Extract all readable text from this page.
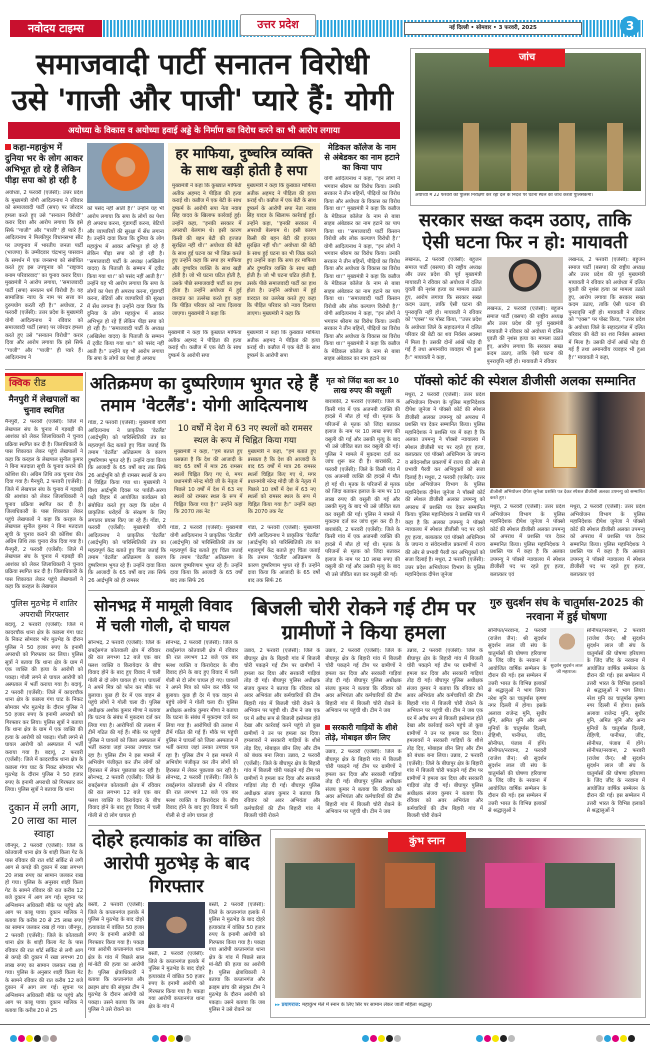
नवोदय टाइम्स	उत्तर प्रदेश	नई दिल्ली • सोमवार • 3 फरवरी, 2025	3
समाजवादी पार्टी सनातन विरोधी
उसे 'गाजी और पाजी' प्यारे हैं: योगी
अयोध्या के विकास व अयोध्या हवाई अड्डे के निर्माण का विरोध करने का भी आरोप लगाया
कहा-महाकुंभ में दुनिया भर के लोग आकर अभिभूत हो रहे हैं लेकिन पीड़ा सपा को हो रही है
अयोध्या, 2 फरवरी (एजेंसी): उत्तर प्रदेश के मुख्यमंत्री योगी आदित्यनाथ ने रविवार को समाजवादी पार्टी (सपा) पर जोरदार हमला करते हुए उसे ''सनातन विरोधी'' करार दिया और आरोप लगाया कि इसे सिर्फ ''गाजी'' और ''पाजी'' ही प्यारे हैं। आदित्यनाथ ने मिल्कीपुर विधानसभा सीट पर उपचुनाव में भारतीय जनता पार्टी (भाजपा) के उम्मीदवार चंद्रभानु पासवान के समर्थन में एक जनसभा को संबोधित करते हुए इस उपचुनाव को ''राष्ट्रवाद बनाम परिवारवाद'' का चुनाव करार दिया। मुख्यमंत्री ने आरोप लगाया, ''समाजवादी पार्टी (सपा) सनातन धर्म विरोधी है। यह सामाजिक न्याय के नाम पर सत्ता का दुरुपयोग करती रही है।'' अयोध्या, 2 फरवरी (एजेंसी): उत्तर प्रदेश के मुख्यमंत्री योगी आदित्यनाथ ने रविवार को समाजवादी पार्टी (सपा) पर जोरदार हमला करते हुए उसे ''सनातन विरोधी'' करार दिया और आरोप लगाया कि इसे सिर्फ ''गाजी'' और ''पाजी'' ही प्यारे हैं। आदित्यनाथ ने
को पसंद नहीं आती है।'' उन्होंने यह भी आरोप लगाया कि सपा के लोगों का पेशा ही अपराध करना, गुंडागर्दी करना, बेटियों और व्यापारियों की सुरक्षा में सेंध लगाना है। उन्होंने दावा किया कि दुनिया के लोग महाकुंभ में आकर अभिभूत हो रहे हैं लेकिन पीड़ा सपा को हो रही है। ''समाजवादी पार्टी के अध्यक्ष (अखिलेश यादव) के पिताजी के सम्मान में ट्वीट किया गया था।'' को पसंद नहीं आती है।'' उन्होंने यह भी आरोप लगाया कि सपा के लोगों का पेशा ही अपराध करना, गुंडागर्दी करना, बेटियों और व्यापारियों की सुरक्षा में सेंध लगाना है। उन्होंने दावा किया कि दुनिया के लोग महाकुंभ में आकर अभिभूत हो रहे हैं लेकिन पीड़ा सपा को हो रही है। ''समाजवादी पार्टी के अध्यक्ष (अखिलेश यादव) के पिताजी के सम्मान में ट्वीट किया गया था।'' को पसंद नहीं आती है।'' उन्होंने यह भी आरोप लगाया कि सपा के लोगों का पेशा ही अपराध
हर माफिया, दुष्चरित्र व्यक्ति के साथ खड़ी होती है सपा
मुख्यमंत्री ने कहा कि कुख्यात माफिया अतीक अहमद ने पीड़िता की हत्या कराई थी। कन्नौज में एक बेटी के साथ दुष्कर्म के आरोपी सपा नेता नवाब सिंह यादव के खिलाफ कार्रवाई हुई। उन्होंने कहा, ''इनकी सरकार में अपराधी बेलगाम थे। इसी कारण किसी की बहन बेटी की इज्जत सुरक्षित नहीं थी।'' अयोध्या की बेटी के साथ हुई घटना का भी जिक्र करते हुए उन्होंने कहा कि सपा हर माफिया और दुष्चरित्र व्यक्ति के साथ खड़ी होती है। जो भी घटना घटित होती है, उसके पीछे समाजवादी पार्टी का हाथ होता है। उन्होंने अयोध्या में हुई वारदात का उल्लेख करते हुए कहा कि पीड़ित परिवार को न्याय दिलाया जाएगा। मुख्यमंत्री ने कहा कि
मुख्यमंत्री ने कहा कि कुख्यात माफिया अतीक अहमद ने पीड़िता की हत्या कराई थी। कन्नौज में एक बेटी के साथ दुष्कर्म के आरोपी सपा नेता नवाब सिंह यादव के खिलाफ कार्रवाई हुई। उन्होंने कहा, ''इनकी सरकार में अपराधी बेलगाम थे। इसी कारण किसी की बहन बेटी की इज्जत सुरक्षित नहीं थी।'' अयोध्या की बेटी के साथ हुई घटना का भी जिक्र करते हुए उन्होंने कहा कि सपा हर माफिया और दुष्चरित्र व्यक्ति के साथ खड़ी होती है। जो भी घटना घटित होती है, उसके पीछे समाजवादी पार्टी का हाथ होता है। उन्होंने अयोध्या में हुई वारदात का उल्लेख करते हुए कहा कि पीड़ित परिवार को न्याय दिलाया जाएगा। मुख्यमंत्री ने कहा कि
मुख्यमंत्री ने कहा कि कुख्यात माफिया अतीक अहमद ने पीड़िता की हत्या कराई थी। कन्नौज में एक बेटी के साथ दुष्कर्म के आरोपी सपा
मुख्यमंत्री ने कहा कि कुख्यात माफिया अतीक अहमद ने पीड़िता की हत्या कराई थी। कन्नौज में एक बेटी के साथ दुष्कर्म के आरोपी सपा
मेडिकल कॉलेज के नाम से अंबेडकर का नाम हटाने का किया पाप
योगी आदित्यनाथ ने कहा, ''इन लोगों ने भगवान श्रीराम का विरोध किया। उनकी सरकार ने तीन बहिनों, पीढ़ियों का विरोध किया और अयोध्या के विकास का विरोध किया था।'' मुख्यमंत्री ने कहा कि कन्नौज के मेडिकल कॉलेज के नाम से बाबा साहब अंबेडकर का नाम हटाने का पाप किया था। ''समाजवादी पार्टी किसान विरोधी और लोक कल्याण विरोधी है।'' योगी आदित्यनाथ ने कहा, ''इन लोगों ने भगवान श्रीराम का विरोध किया। उनकी सरकार ने तीन बहिनों, पीढ़ियों का विरोध किया और अयोध्या के विकास का विरोध किया था।'' मुख्यमंत्री ने कहा कि कन्नौज के मेडिकल कॉलेज के नाम से बाबा साहब अंबेडकर का नाम हटाने का पाप किया था। ''समाजवादी पार्टी किसान विरोधी और लोक कल्याण विरोधी है।'' योगी आदित्यनाथ ने कहा, ''इन लोगों ने भगवान श्रीराम का विरोध किया। उनकी सरकार ने तीन बहिनों, पीढ़ियों का विरोध किया और अयोध्या के विकास का विरोध किया था।'' मुख्यमंत्री ने कहा कि कन्नौज के मेडिकल कॉलेज के नाम से बाबा साहब अंबेडकर का नाम हटाने का
जांच
अयोध्या में 22 फरवरी को पुलिस निरीक्षण कर रहा दल के निर्देश पर घटना स्थल की जांच करती पुलिसकर्मी।
सरकार सख्त कदम उठाए, ताकि ऐसी घटना फिर न हो: मायावती
लखनऊ, 2 फरवरी (एजेंसी): बहुजन समाज पार्टी (बसपा) की राष्ट्रीय अध्यक्ष और उत्तर प्रदेश की पूर्व मुख्यमंत्री मायावती ने रविवार को अयोध्या में दलित युवती की नृशंस हत्या का मामला उठाते हुए, आरोप लगाया कि सरकार सख्त कदम उठाए, ताकि ऐसी घटना की पुनरावृत्ति नहीं हो। मायावती ने रविवार को ''एक्स'' पर पोस्ट किया, ''उत्तर प्रदेश के अयोध्या जिले के सहादतगंज में दलित परिवार की बेटी का शव निर्वस्त्र अवस्था में मिला है। उसकी दोनों आंखें फोड़ दी गई हैं तथा अमानवीय व्यवहार भी हुआ है।'' मायावती ने कहा,
लखनऊ, 2 फरवरी (एजेंसी): बहुजन समाज पार्टी (बसपा) की राष्ट्रीय अध्यक्ष और उत्तर प्रदेश की पूर्व मुख्यमंत्री मायावती ने रविवार को अयोध्या में दलित युवती की नृशंस हत्या का मामला उठाते हुए, आरोप लगाया कि सरकार सख्त कदम उठाए, ताकि ऐसी घटना की पुनरावृत्ति नहीं हो। मायावती ने रविवार
लखनऊ, 2 फरवरी (एजेंसी): बहुजन समाज पार्टी (बसपा) की राष्ट्रीय अध्यक्ष और उत्तर प्रदेश की पूर्व मुख्यमंत्री मायावती ने रविवार को अयोध्या में दलित युवती की नृशंस हत्या का मामला उठाते हुए, आरोप लगाया कि सरकार सख्त कदम उठाए, ताकि ऐसी घटना की पुनरावृत्ति नहीं हो। मायावती ने रविवार को ''एक्स'' पर पोस्ट किया, ''उत्तर प्रदेश के अयोध्या जिले के सहादतगंज में दलित परिवार की बेटी का शव निर्वस्त्र अवस्था में मिला है। उसकी दोनों आंखें फोड़ दी गई हैं तथा अमानवीय व्यवहार भी हुआ है।'' मायावती ने कहा,
क्विक रीड
मैनपुरी में लेखपालों का चुनाव स्थगित
मैनपुरी, 2 फरवरी (एजेंसी): जिले में लेखपाल संघ के चुनाव में गड़बड़ी की आशंका को लेकर जिलाधिकारी ने चुनाव प्रक्रिया स्थगित कर दी है। जिलाधिकारी के पास शिकायत लेकर पहुंचे लेखपालों ने कहा कि करहल के लेखपाल सुनील कुमार ने बिना मतदाता सूची के चुनाव कराने की कोशिश की। अग्रिम तिथि तक चुनाव रोक दिया गया है। मैनपुरी, 2 फरवरी (एजेंसी): जिले में लेखपाल संघ के चुनाव में गड़बड़ी की आशंका को लेकर जिलाधिकारी ने चुनाव प्रक्रिया स्थगित कर दी है। जिलाधिकारी के पास शिकायत लेकर पहुंचे लेखपालों ने कहा कि करहल के लेखपाल सुनील कुमार ने बिना मतदाता सूची के चुनाव कराने की कोशिश की। अग्रिम तिथि तक चुनाव रोक दिया गया है। मैनपुरी, 2 फरवरी (एजेंसी): जिले में लेखपाल संघ के चुनाव में गड़बड़ी की आशंका को लेकर जिलाधिकारी ने चुनाव प्रक्रिया स्थगित कर दी है। जिलाधिकारी के पास शिकायत लेकर पहुंचे लेखपालों ने कहा कि करहल के लेखपाल
पुलिस मुठभेड़ में शातिर अपराधी गिरफ्तार
बदायूं, 2 फरवरी (एजेंसी): जिले में कादरचौक थाना क्षेत्र के कछला गंगा घाट के निकट सोमवार भोर मुठभेड़ के दौरान पुलिस ने 50 हजार रुपए के इनामी अपराधी को गिरफ्तार कर लिया। पुलिस सूत्रों ने बताया कि थाना क्षेत्र के ग्राम में एक व्यक्ति की हत्या के आरोपी को पकड़ा। गोली लगने से घायल आरोपी को अस्पताल में भर्ती कराया गया है। बदायूं, 2 फरवरी (एजेंसी): जिले में कादरचौक थाना क्षेत्र के कछला गंगा घाट के निकट सोमवार भोर मुठभेड़ के दौरान पुलिस ने 50 हजार रुपए के इनामी अपराधी को गिरफ्तार कर लिया। पुलिस सूत्रों ने बताया कि थाना क्षेत्र के ग्राम में एक व्यक्ति की हत्या के आरोपी को पकड़ा। गोली लगने से घायल आरोपी को अस्पताल में भर्ती कराया गया है। बदायूं, 2 फरवरी (एजेंसी): जिले में कादरचौक थाना क्षेत्र के कछला गंगा घाट के निकट सोमवार भोर मुठभेड़ के दौरान पुलिस ने 50 हजार रुपए के इनामी अपराधी को गिरफ्तार कर लिया। पुलिस सूत्रों ने बताया कि थाना
दुकान में लगी आग, 20 लाख का माल स्वाहा
जौनपुर, 2 फरवरी (एजेंसी): जिले के कोतवाली थाना क्षेत्र के शाही किला गेट के पास रविवार की रात शॉर्ट सर्किट से लगी आग से कपड़े की दुकान में रखा लगभग 20 लाख रुपए का सामान जलकर राख हो गया। पुलिस के अनुसार शाही किला गेट के सामने रविवार की रात करीब 12 बजे दुकान में आग लग गई। सूचना पर अग्निशमन अधिकारी मौके पर पहुंचे और आग पर काबू पाया। दुकान मालिक ने बताया कि करीब 20 से 25 लाख रुपए का सामान जलकर राख हो गया। जौनपुर, 2 फरवरी (एजेंसी): जिले के कोतवाली थाना क्षेत्र के शाही किला गेट के पास रविवार की रात शॉर्ट सर्किट से लगी आग से कपड़े की दुकान में रखा लगभग 20 लाख रुपए का सामान जलकर राख हो गया। पुलिस के अनुसार शाही किला गेट के सामने रविवार की रात करीब 12 बजे दुकान में आग लग गई। सूचना पर अग्निशमन अधिकारी मौके पर पहुंचे और आग पर काबू पाया। दुकान मालिक ने बताया कि करीब 20 से 25
अतिक्रमण का दुष्परिणाम भुगत रहे हैं तमाम 'वेटलैंड': योगी आदित्यनाथ
गोंडा, 2 फरवरी (एजेंसी): मुख्यमंत्री योगी आदित्यनाथ ने प्राकृतिक 'वेटलैंड' (आर्द्रभूमि) को पारिस्थितिकी तंत्र का महत्वपूर्ण केंद्र बताते हुए चिंता जताई कि तमाम 'वेटलैंड' अतिक्रमण के कारण दुष्परिणाम भुगत रहे हैं। उन्होंने दावा किया कि आजादी के 65 वर्षों बाद तक सिर्फ 26 आर्द्रभूमि को ही रामसर स्थलों के रूप में चिह्नित किया गया था। मुख्यमंत्री ने विश्व आर्द्रभूमि दिवस पर पार्वती-अरगा पक्षी विहार में आयोजित कार्यक्रम को संबोधित करते हुए कहा कि प्रदेश में प्राकृतिक धरोहरों के संरक्षण के लिए लगातार प्रयास किए जा रहे हैं। गोंडा, 2 फरवरी (एजेंसी): मुख्यमंत्री योगी आदित्यनाथ ने प्राकृतिक 'वेटलैंड' (आर्द्रभूमि) को पारिस्थितिकी तंत्र का महत्वपूर्ण केंद्र बताते हुए चिंता जताई कि तमाम 'वेटलैंड' अतिक्रमण के कारण दुष्परिणाम भुगत रहे हैं। उन्होंने दावा किया कि आजादी के 65 वर्षों बाद तक सिर्फ 26 आर्द्रभूमि को ही रामसर
10 वर्षों में देश में 63 नए स्थलों को रामसर स्थल के रूप में चिह्नित किया गया
मुख्यमंत्री ने कहा, ''हमें बताते हुए प्रसन्नता है कि देश की आजादी के बाद 65 वर्षों में मात्र 26 रामसर स्थलों चिह्नित किए गए थे, मगर प्रधानमंत्री नरेन्द्र मोदी जी के नेतृत्व में पिछले 10 वर्षों में देश में 63 नए स्थलों को रामसर स्थल के रूप में चिह्नित किया गया है।'' उन्होंने कहा कि 2070 तक नेट
मुख्यमंत्री ने कहा, ''हमें बताते हुए प्रसन्नता है कि देश की आजादी के बाद 65 वर्षों में मात्र 26 रामसर स्थलों चिह्नित किए गए थे, मगर प्रधानमंत्री नरेन्द्र मोदी जी के नेतृत्व में पिछले 10 वर्षों में देश में 63 नए स्थलों को रामसर स्थल के रूप में चिह्नित किया गया है।'' उन्होंने कहा कि 2070 तक नेट
गोंडा, 2 फरवरी (एजेंसी): मुख्यमंत्री योगी आदित्यनाथ ने प्राकृतिक 'वेटलैंड' (आर्द्रभूमि) को पारिस्थितिकी तंत्र का महत्वपूर्ण केंद्र बताते हुए चिंता जताई कि तमाम 'वेटलैंड' अतिक्रमण के कारण दुष्परिणाम भुगत रहे हैं। उन्होंने दावा किया कि आजादी के 65 वर्षों बाद तक सिर्फ 26
गोंडा, 2 फरवरी (एजेंसी): मुख्यमंत्री योगी आदित्यनाथ ने प्राकृतिक 'वेटलैंड' (आर्द्रभूमि) को पारिस्थितिकी तंत्र का महत्वपूर्ण केंद्र बताते हुए चिंता जताई कि तमाम 'वेटलैंड' अतिक्रमण के कारण दुष्परिणाम भुगत रहे हैं। उन्होंने दावा किया कि आजादी के 65 वर्षों बाद तक सिर्फ 26
मृत को जिंदा बता कर 10 लाख रुपए की वसूली
बाराबंकी, 2 फरवरी (एजेंसी): जिले के किसी गांव में एक अजनबी व्यक्ति की हादसे में मौत हो गई थी। मृतक के परिजनों से मृतक को जिंदा बताकर इलाज के नाम पर 10 लाख रुपए की वसूली की गई और उसकी मृत्यु के बाद भी उसे जीवित बता कर वसूली की गई। पुलिस ने मामले में मुकदमा दर्ज कर जांच शुरू कर दी है। बाराबंकी, 2 फरवरी (एजेंसी): जिले के किसी गांव में एक अजनबी व्यक्ति की हादसे में मौत हो गई थी। मृतक के परिजनों से मृतक को जिंदा बताकर इलाज के नाम पर 10 लाख रुपए की वसूली की गई और उसकी मृत्यु के बाद भी उसे जीवित बता कर वसूली की गई। पुलिस ने मामले में मुकदमा दर्ज कर जांच शुरू कर दी है। बाराबंकी, 2 फरवरी (एजेंसी): जिले के किसी गांव में एक अजनबी व्यक्ति की हादसे में मौत हो गई थी। मृतक के परिजनों से मृतक को जिंदा बताकर इलाज के नाम पर 10 लाख रुपए की वसूली की गई और उसकी मृत्यु के बाद भी उसे जीवित बता कर वसूली की गई।
पॉक्सो कोर्ट की स्पेशल डीजीसी अलका सम्मानित
मथुरा, 2 फरवरी (एजेंसी): उत्तर प्रदेश अभियोजन विभाग के पुलिस महानिदेशक दीपेश जुनेजा ने पॉक्सो कोर्ट की स्पेशल डीजीसी अलका उपमन्यु को अपराध में प्रशस्ति पत्र देकर सम्मानित किया। पुलिस महानिदेशक ने प्रशस्ति पत्र में कहा है कि अलका उपमन्यु ने पॉक्सो न्यायालय में स्पेशल डीजीसी पद पर रहते हुए हत्या, बलात्कार एवं पॉक्सो अधिनियम के जघन्य व संवेदनशील प्रकरणों में राज्य की ओर से प्रभावी पैरवी कर अभियुक्तों को सजा दिलाई है। मथुरा, 2 फरवरी (एजेंसी): उत्तर प्रदेश अभियोजन विभाग के पुलिस महानिदेशक दीपेश जुनेजा ने पॉक्सो कोर्ट की स्पेशल डीजीसी अलका उपमन्यु को अपराध में प्रशस्ति पत्र देकर सम्मानित किया। पुलिस महानिदेशक ने प्रशस्ति पत्र में कहा है कि अलका उपमन्यु ने पॉक्सो न्यायालय में स्पेशल डीजीसी पद पर रहते हुए हत्या, बलात्कार एवं पॉक्सो अधिनियम के जघन्य व संवेदनशील प्रकरणों में राज्य की ओर से प्रभावी पैरवी कर अभियुक्तों को सजा दिलाई है। मथुरा, 2 फरवरी (एजेंसी): उत्तर प्रदेश अभियोजन विभाग के पुलिस महानिदेशक दीपेश जुनेजा
डीजीसी अभियोजन दीपेश जुनेजा प्रशस्ति पत्र देकर स्पेशल डीजीसी अलका उपमन्यु को सम्मानित करते हुए।
मथुरा, 2 फरवरी (एजेंसी): उत्तर प्रदेश अभियोजन विभाग के पुलिस महानिदेशक दीपेश जुनेजा ने पॉक्सो कोर्ट की स्पेशल डीजीसी अलका उपमन्यु को अपराध में प्रशस्ति पत्र देकर सम्मानित किया। पुलिस महानिदेशक ने प्रशस्ति पत्र में कहा है कि अलका उपमन्यु ने पॉक्सो न्यायालय में स्पेशल डीजीसी पद पर रहते हुए हत्या, बलात्कार एवं
मथुरा, 2 फरवरी (एजेंसी): उत्तर प्रदेश अभियोजन विभाग के पुलिस महानिदेशक दीपेश जुनेजा ने पॉक्सो कोर्ट की स्पेशल डीजीसी अलका उपमन्यु को अपराध में प्रशस्ति पत्र देकर सम्मानित किया। पुलिस महानिदेशक ने प्रशस्ति पत्र में कहा है कि अलका उपमन्यु ने पॉक्सो न्यायालय में स्पेशल डीजीसी पद पर रहते हुए हत्या, बलात्कार एवं
सोनभद्र में मामूली विवाद में चली गोली, दो घायल
सोनभद्र, 2 फरवरी (एजेंसी): जिले के राबर्ट्सगंज कोतवाली क्षेत्र में रविवार की रात लगभग 12 बजे एक बार फ्लश व्यक्ति व किरायेदार के बीच विवाद होने के बाद हुए विवाद में चली गोली से दो लोग घायल हो गए। घायलों ने अपने मित्र को फोन कर मौके पर बुलाया। कुछ ही देर में एक वाहन से पहुंचे लोगों ने गोली चला दी। पुलिस अधीक्षक अशोक कुमार मीणा ने बताया कि घटना के संबंध में मुकदमा दर्ज कर लिया गया है। आरोपियों की तलाश में टीमें गठित की गई हैं। मौके पर पहुंची पुलिस ने घायलों को जिला अस्पताल में भर्ती कराया जहां उनका उपचार चल रहा है। पुलिस टीम ने इस मामले में अभियोग पंजीकृत कर तीन लोगों को हिरासत में लेकर पूछताछ कर रही है। सोनभद्र, 2 फरवरी (एजेंसी): जिले के राबर्ट्सगंज कोतवाली क्षेत्र में रविवार की रात लगभग 12 बजे एक बार फ्लश व्यक्ति व किरायेदार के बीच विवाद होने के बाद हुए विवाद में चली गोली से दो लोग घायल हो
सोनभद्र, 2 फरवरी (एजेंसी): जिले के राबर्ट्सगंज कोतवाली क्षेत्र में रविवार की रात लगभग 12 बजे एक बार फ्लश व्यक्ति व किरायेदार के बीच विवाद होने के बाद हुए विवाद में चली गोली से दो लोग घायल हो गए। घायलों ने अपने मित्र को फोन कर मौके पर बुलाया। कुछ ही देर में एक वाहन से पहुंचे लोगों ने गोली चला दी। पुलिस अधीक्षक अशोक कुमार मीणा ने बताया कि घटना के संबंध में मुकदमा दर्ज कर लिया गया है। आरोपियों की तलाश में टीमें गठित की गई हैं। मौके पर पहुंची पुलिस ने घायलों को जिला अस्पताल में भर्ती कराया जहां उनका उपचार चल रहा है। पुलिस टीम ने इस मामले में अभियोग पंजीकृत कर तीन लोगों को हिरासत में लेकर पूछताछ कर रही है। सोनभद्र, 2 फरवरी (एजेंसी): जिले के राबर्ट्सगंज कोतवाली क्षेत्र में रविवार की रात लगभग 12 बजे एक बार फ्लश व्यक्ति व किरायेदार के बीच विवाद होने के बाद हुए विवाद में चली गोली से दो लोग घायल हो
बिजली चोरी रोकने गई टीम पर ग्रामीणों ने किया हमला
उन्नाव, 2 फरवरी (एजेंसी): जिले के बीघापुर क्षेत्र के बिहारी गांव में बिजली चोरी पकड़ने गई टीम पर ग्रामीणों ने हमला कर दिया और सरकारी गाड़ियां तोड़ दी गईं। बीघापुर पुलिस अधीक्षक संजय कुमार ने बताया कि रविवार को अवर अभियंता और कर्मचारियों की टीम बिहारी गांव में बिजली चोरी रोकने के अभियान पर पहुंची थी। टीम ने जब एक घर में अवैध रूप से बिजली इस्तेमाल होते देखा और कार्रवाई करने पहुंचे तो कुछ ग्रामीणों ने उन पर हमला कर दिया। हमलावरों ने सरकारी गाड़ियों के शीशे तोड़ दिए, मोबाइल छीन लिए और टीम को बंधक बना लिया। उन्नाव, 2 फरवरी (एजेंसी): जिले के बीघापुर क्षेत्र के बिहारी गांव में बिजली चोरी पकड़ने गई टीम पर ग्रामीणों ने हमला कर दिया और सरकारी गाड़ियां तोड़ दी गईं। बीघापुर पुलिस अधीक्षक संजय कुमार ने बताया कि रविवार को अवर अभियंता और कर्मचारियों की टीम बिहारी गांव में बिजली चोरी रोकने
उन्नाव, 2 फरवरी (एजेंसी): जिले के बीघापुर क्षेत्र के बिहारी गांव में बिजली चोरी पकड़ने गई टीम पर ग्रामीणों ने हमला कर दिया और सरकारी गाड़ियां तोड़ दी गईं। बीघापुर पुलिस अधीक्षक संजय कुमार ने बताया कि रविवार को अवर अभियंता और कर्मचारियों की टीम बिहारी गांव में बिजली चोरी रोकने के अभियान पर पहुंची थी। टीम ने जब
सरकारी गाड़ियों के शीशे तोड़े, मोबाइल छीन लिए
उन्नाव, 2 फरवरी (एजेंसी): जिले के बीघापुर क्षेत्र के बिहारी गांव में बिजली चोरी पकड़ने गई टीम पर ग्रामीणों ने हमला कर दिया और सरकारी गाड़ियां तोड़ दी गईं। बीघापुर पुलिस अधीक्षक संजय कुमार ने बताया कि रविवार को अवर अभियंता और कर्मचारियों की टीम बिहारी गांव में बिजली चोरी रोकने के अभियान पर पहुंची थी। टीम ने जब
उन्नाव, 2 फरवरी (एजेंसी): जिले के बीघापुर क्षेत्र के बिहारी गांव में बिजली चोरी पकड़ने गई टीम पर ग्रामीणों ने हमला कर दिया और सरकारी गाड़ियां तोड़ दी गईं। बीघापुर पुलिस अधीक्षक संजय कुमार ने बताया कि रविवार को अवर अभियंता और कर्मचारियों की टीम बिहारी गांव में बिजली चोरी रोकने के अभियान पर पहुंची थी। टीम ने जब एक घर में अवैध रूप से बिजली इस्तेमाल होते देखा और कार्रवाई करने पहुंचे तो कुछ ग्रामीणों ने उन पर हमला कर दिया। हमलावरों ने सरकारी गाड़ियों के शीशे तोड़ दिए, मोबाइल छीन लिए और टीम को बंधक बना लिया। उन्नाव, 2 फरवरी (एजेंसी): जिले के बीघापुर क्षेत्र के बिहारी गांव में बिजली चोरी पकड़ने गई टीम पर ग्रामीणों ने हमला कर दिया और सरकारी गाड़ियां तोड़ दी गईं। बीघापुर पुलिस अधीक्षक संजय कुमार ने बताया कि रविवार को अवर अभियंता और कर्मचारियों की टीम बिहारी गांव में बिजली चोरी रोकने
गुरु सुदर्शन संघ के चातुर्मास-2025 की नरवाना में हुई घोषणा
सोनीपत/नरवाना, 2 फरवरी (राजेश जैन): श्री सुदर्शन सुदर्शन लाल जी संघ के चातुर्मासों की घोषणा हरियाणा के जिंद जींद के नरवाना में आयोजित वार्षिक सम्मेलन के दौरान की गई। इस सम्मेलन में उत्तरी भारत के विभिन्न इलाकों से श्रद्धालुओं ने भाग लिया। नरेश मुनि का चातुर्मास कृष्णा नगर दिल्ली में होगा। इसके अलावा राजेन्द्र मुनि, सुधीर मुनि, अमित मुनि और अन्य मुनियों के चातुर्मास दिल्ली, रोहिणी, पानीपत, जींद, सोनीपत, पंजाब में होंगे। सोनीपत/नरवाना, 2 फरवरी (राजेश जैन): श्री सुदर्शन सुदर्शन लाल जी संघ के चातुर्मासों की घोषणा हरियाणा के जिंद जींद के नरवाना में आयोजित वार्षिक सम्मेलन के दौरान की गई। इस सम्मेलन में उत्तरी भारत के विभिन्न इलाकों से श्रद्धालुओं ने
सुदर्शन सुदर्शन लाल जी महाराज।
सोनीपत/नरवाना, 2 फरवरी (राजेश जैन): श्री सुदर्शन सुदर्शन लाल जी संघ के चातुर्मासों की घोषणा हरियाणा के जिंद जींद के नरवाना में आयोजित वार्षिक सम्मेलन के दौरान की गई। इस सम्मेलन में उत्तरी भारत के विभिन्न इलाकों से श्रद्धालुओं ने भाग लिया। नरेश मुनि का चातुर्मास कृष्णा नगर दिल्ली में होगा। इसके अलावा राजेन्द्र मुनि, सुधीर मुनि, अमित मुनि और अन्य मुनियों के चातुर्मास दिल्ली, रोहिणी, पानीपत, जींद, सोनीपत, पंजाब में होंगे। सोनीपत/नरवाना, 2 फरवरी (राजेश जैन): श्री सुदर्शन सुदर्शन लाल जी संघ के चातुर्मासों की घोषणा हरियाणा के जिंद जींद के नरवाना में आयोजित वार्षिक सम्मेलन के दौरान की गई। इस सम्मेलन में उत्तरी भारत के विभिन्न इलाकों से श्रद्धालुओं ने
दोहरे हत्याकांड का वांछित आरोपी मुठभेड़ के बाद गिरफ्तार
बस्ती, 2 फरवरी (एजेंसी): जिले के कप्तानगंज इलाके में पुलिस ने मुठभेड़ के बाद दोहरे हत्याकांड में वांछित 50 हजार रुपए के इनामी आरोपी को गिरफ्तार किया गया है। पकड़ा गया आरोपी कप्तानगंज थाना क्षेत्र के गांव में पिछले साल मां-बेटी की हत्या का आरोपी है। पुलिस क्षेत्राधिकारी ने बताया कि कप्तानगंज और क्राइम ब्रांच की संयुक्त टीम ने मुठभेड़ के दौरान आरोपी को पकड़ा। उसने बताया कि जब पुलिस ने उसे रोकने का
बस्ती, 2 फरवरी (एजेंसी): जिले के कप्तानगंज इलाके में पुलिस ने मुठभेड़ के बाद दोहरे हत्याकांड में वांछित 50 हजार रुपए के इनामी आरोपी को गिरफ्तार किया गया है। पकड़ा गया आरोपी कप्तानगंज थाना क्षेत्र के गांव में
बस्ती, 2 फरवरी (एजेंसी): जिले के कप्तानगंज इलाके में पुलिस ने मुठभेड़ के बाद दोहरे हत्याकांड में वांछित 50 हजार रुपए के इनामी आरोपी को गिरफ्तार किया गया है। पकड़ा गया आरोपी कप्तानगंज थाना क्षेत्र के गांव में पिछले साल मां-बेटी की हत्या का आरोपी है। पुलिस क्षेत्राधिकारी ने बताया कि कप्तानगंज और क्राइम ब्रांच की संयुक्त टीम ने मुठभेड़ के दौरान आरोपी को पकड़ा। उसने बताया कि जब पुलिस ने उसे रोकने का
कुंभ स्नान
▸▸ प्रयागराज: महाकुंभ मेले में स्नान के लिए सिर पर सामान लेकर जातीं महिला श्रद्धालु।
